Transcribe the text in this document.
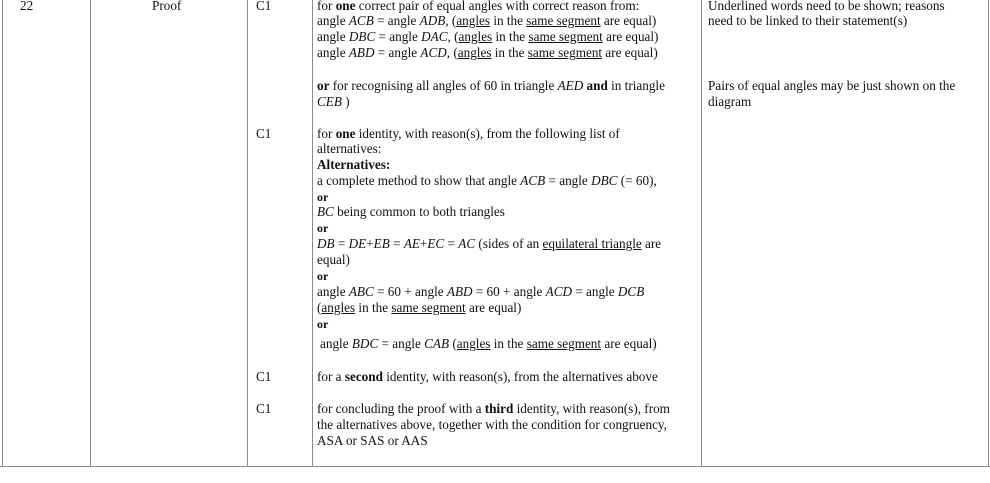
22	Proof	C1
C1
C1
C1
for one correct pair of equal angles with correct reason from:
angle ACB = angle ADB, (angles in the same segment are equal)
angle DBC = angle DAC, (angles in the same segment are equal)
angle ABD = angle ACD, (angles in the same segment are equal)
or for recognising all angles of 60 in triangle AED and in triangle
CEB )
for one identity, with reason(s), from the following list of
alternatives:
Alternatives:
a complete method to show that angle ACB = angle DBC (= 60),
or
BC being common to both triangles
or
DB = DE+EB = AE+EC = AC (sides of an equilateral triangle are
equal)
or
angle ABC = 60 + angle ABD = 60 + angle ACD = angle DCB
(angles in the same segment are equal)
or
angle BDC = angle CAB (angles in the same segment are equal)
for a second identity, with reason(s), from the alternatives above
for concluding the proof with a third identity, with reason(s), from
the alternatives above, together with the condition for congruency,
ASA or SAS or AAS
Underlined words need to be shown; reasons
need to be linked to their statement(s)
Pairs of equal angles may be just shown on the
diagram
